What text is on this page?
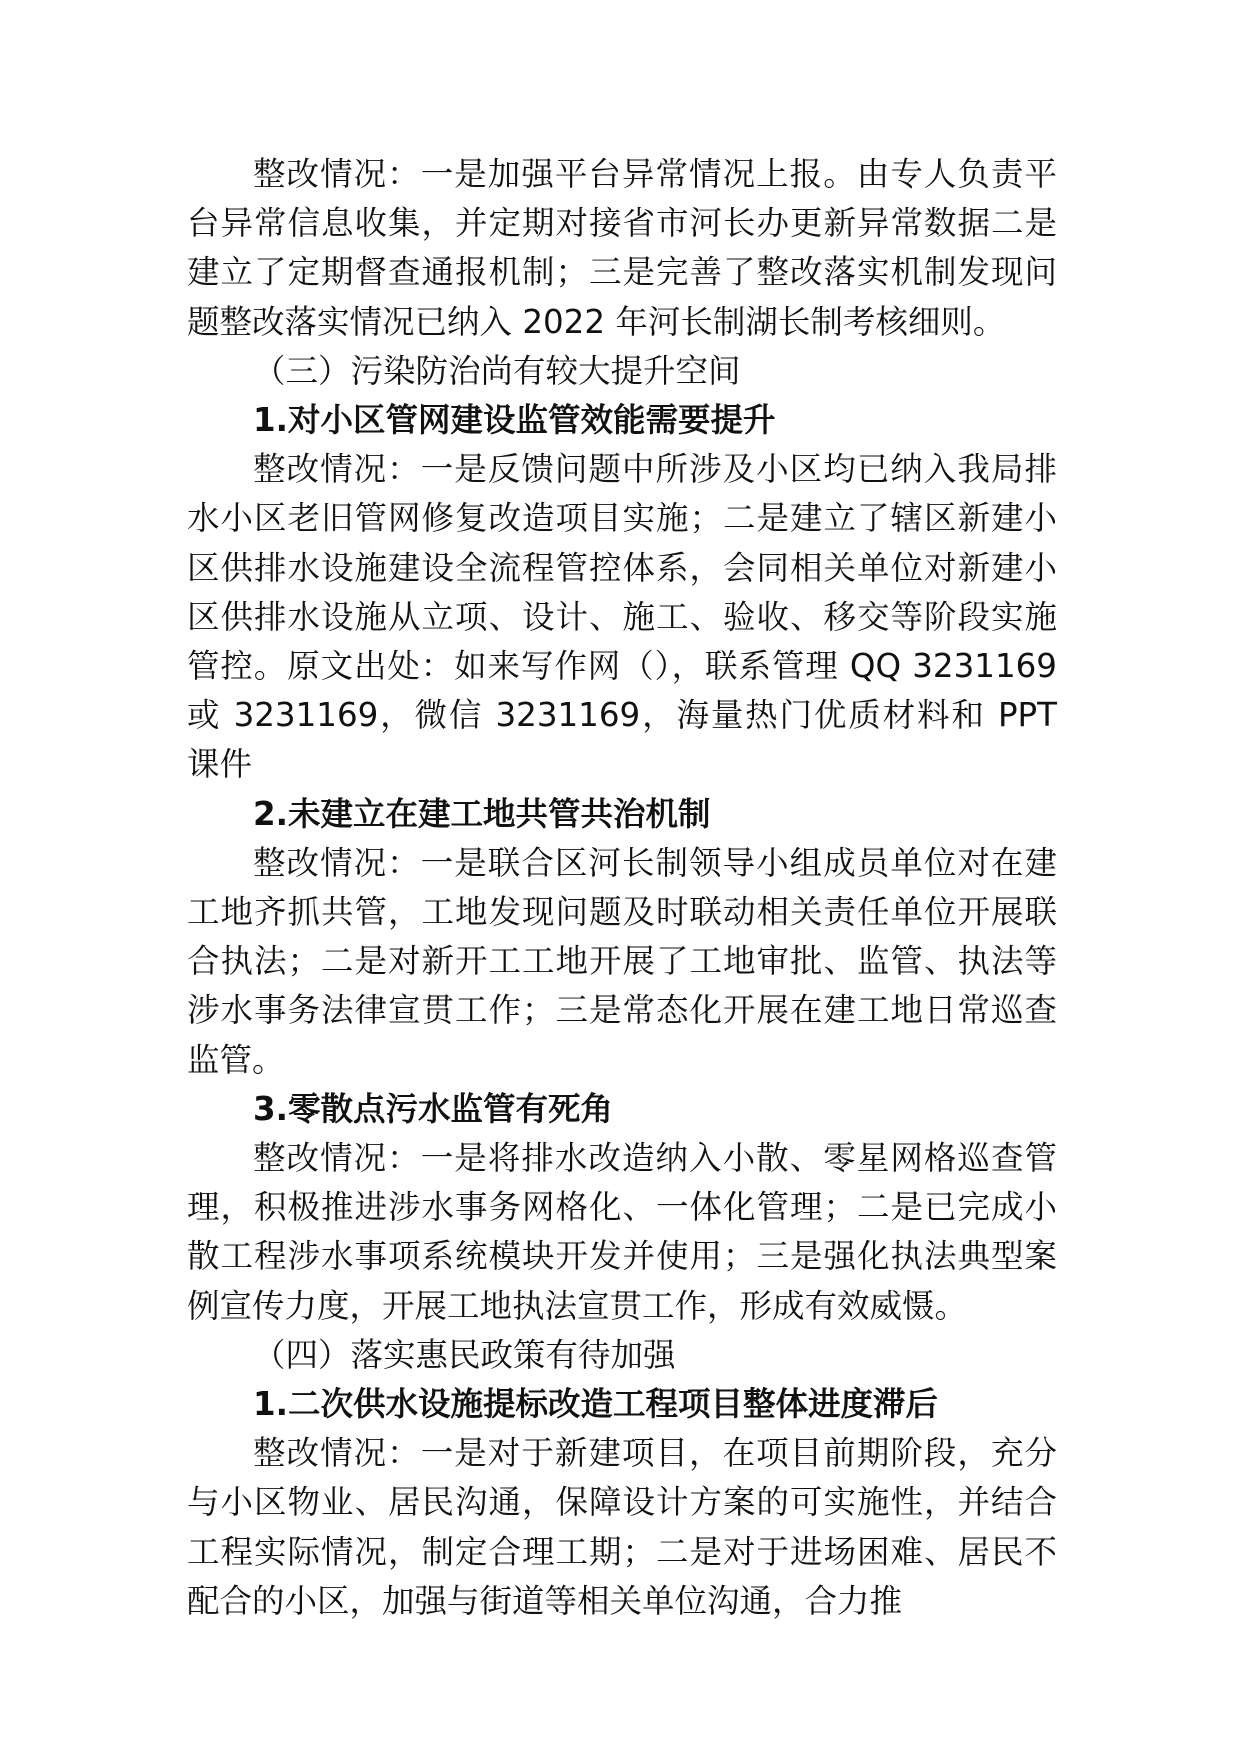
整改情况：一是加强平台异常情况上报。由专人负责平台异常信息收集，并定期对接省市河长办更新异常数据二是建立了定期督查通报机制；三是完善了整改落实机制发现问题整改落实情况已纳入 2022 年河长制湖长制考核细则。

（三）污染防治尚有较大提升空间

1.对小区管网建设监管效能需要提升

整改情况：一是反馈问题中所涉及小区均已纳入我局排水小区老旧管网修复改造项目实施；二是建立了辖区新建小区供排水设施建设全流程管控体系，会同相关单位对新建小区供排水设施从立项、设计、施工、验收、移交等阶段实施管控。原文出处：如来写作网（），联系管理 QQ 3231169 或 3231169，微信 3231169，海量热门优质材料和 PPT 课件

2.未建立在建工地共管共治机制

整改情况：一是联合区河长制领导小组成员单位对在建工地齐抓共管，工地发现问题及时联动相关责任单位开展联合执法；二是对新开工工地开展了工地审批、监管、执法等涉水事务法律宣贯工作；三是常态化开展在建工地日常巡查监管。

3.零散点污水监管有死角

整改情况：一是将排水改造纳入小散、零星网格巡查管理，积极推进涉水事务网格化、一体化管理；二是已完成小散工程涉水事项系统模块开发并使用；三是强化执法典型案例宣传力度，开展工地执法宣贯工作，形成有效威慑。

（四）落实惠民政策有待加强

1.二次供水设施提标改造工程项目整体进度滞后

整改情况：一是对于新建项目，在项目前期阶段，充分与小区物业、居民沟通，保障设计方案的可实施性，并结合工程实际情况，制定合理工期；二是对于进场困难、居民不配合的小区，加强与街道等相关单位沟通，合力推
